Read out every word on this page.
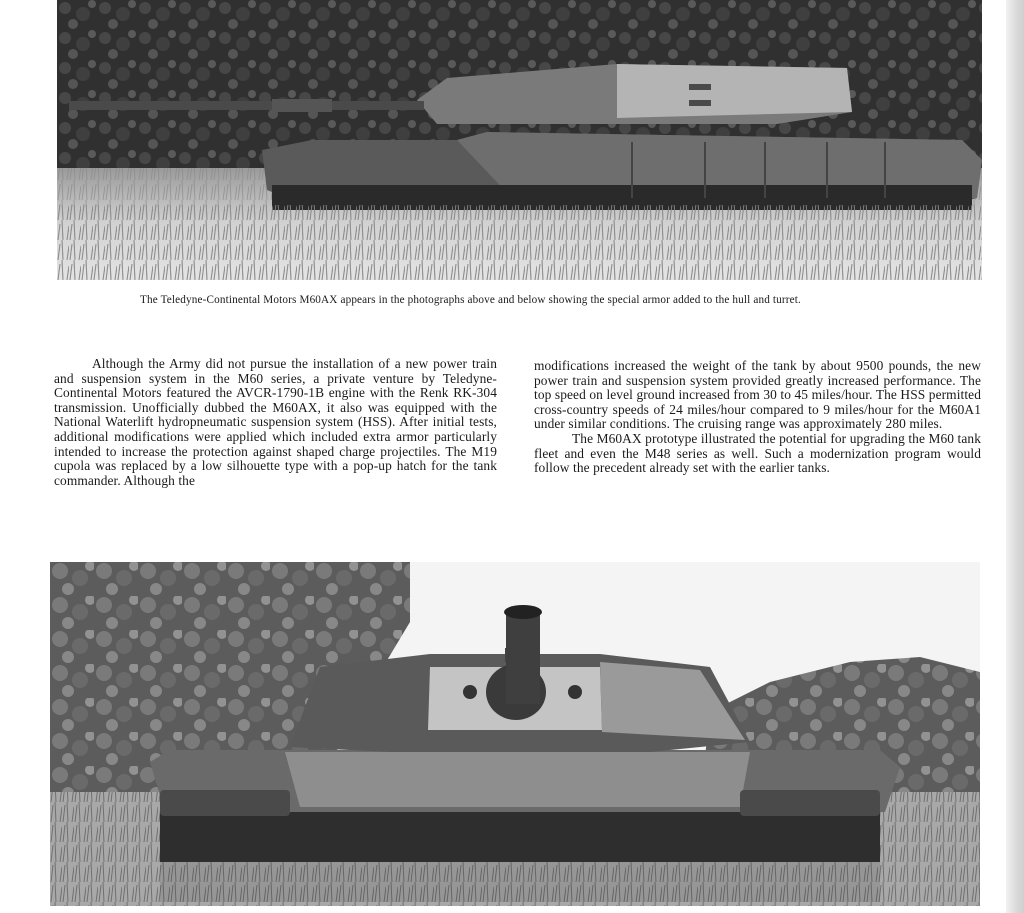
The Teledyne-Continental Motors M60AX appears in the photographs above and below showing the special armor added to the hull and turret.

Although the Army did not pursue the installation of a new power train and suspension system in the M60 series, a private venture by Teledyne-Continental Motors featured the AVCR-1790-1B engine with the Renk RK-304 transmission. Unofficially dubbed the M60AX, it also was equipped with the National Waterlift hydropneumatic suspension system (HSS). After initial tests, additional modifications were applied which included extra armor particularly intended to increase the protection against shaped charge projectiles. The M19 cupola was replaced by a low silhouette type with a pop-up hatch for the tank commander. Although the

modifications increased the weight of the tank by about 9500 pounds, the new power train and suspension system provided greatly increased performance. The top speed on level ground increased from 30 to 45 miles/hour. The HSS permitted cross-country speeds of 24 miles/hour compared to 9 miles/hour for the M60A1 under similar conditions. The cruising range was approximately 280 miles.

The M60AX prototype illustrated the potential for upgrading the M60 tank fleet and even the M48 series as well. Such a modernization program would follow the precedent already set with the earlier tanks.
